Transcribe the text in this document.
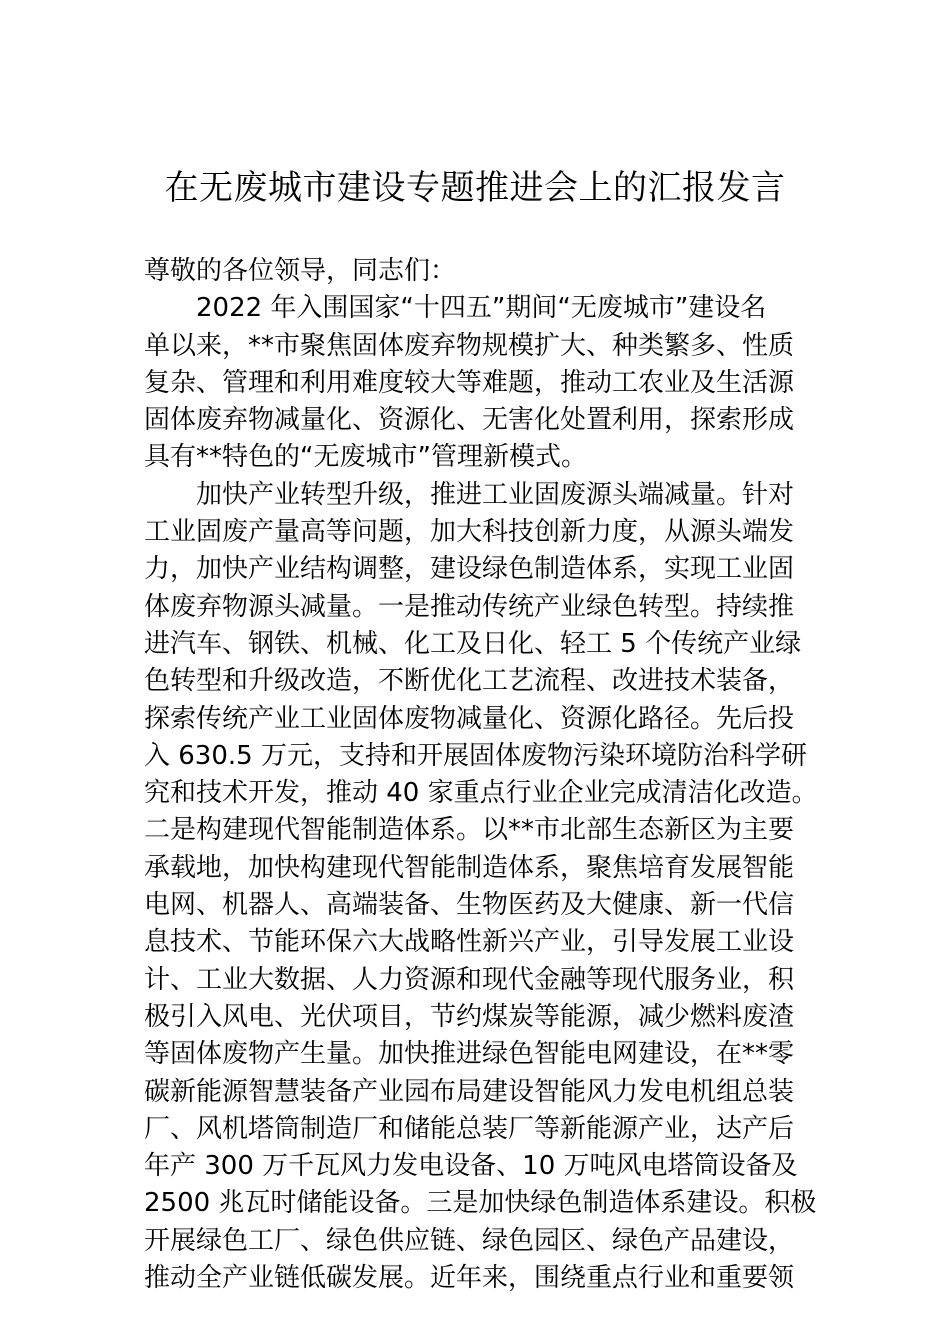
在无废城市建设专题推进会上的汇报发言
尊敬的各位领导，同志们：
2022 年入围国家“十四五”期间“无废城市”建设名
单以来，**市聚焦固体废弃物规模扩大、种类繁多、性质
复杂、管理和利用难度较大等难题，推动工农业及生活源
固体废弃物减量化、资源化、无害化处置利用，探索形成
具有**特色的“无废城市”管理新模式。
加快产业转型升级，推进工业固废源头端减量。针对
工业固废产量高等问题，加大科技创新力度，从源头端发
力，加快产业结构调整，建设绿色制造体系，实现工业固
体废弃物源头减量。一是推动传统产业绿色转型。持续推
进汽车、钢铁、机械、化工及日化、轻工 5 个传统产业绿
色转型和升级改造，不断优化工艺流程、改进技术装备，
探索传统产业工业固体废物减量化、资源化路径。先后投
入 630.5 万元，支持和开展固体废物污染环境防治科学研
究和技术开发，推动 40 家重点行业企业完成清洁化改造。
二是构建现代智能制造体系。以**市北部生态新区为主要
承载地，加快构建现代智能制造体系，聚焦培育发展智能
电网、机器人、高端装备、生物医药及大健康、新一代信
息技术、节能环保六大战略性新兴产业，引导发展工业设
计、工业大数据、人力资源和现代金融等现代服务业，积
极引入风电、光伏项目，节约煤炭等能源，减少燃料废渣
等固体废物产生量。加快推进绿色智能电网建设，在**零
碳新能源智慧装备产业园布局建设智能风力发电机组总装
厂、风机塔筒制造厂和储能总装厂等新能源产业，达产后
年产 300 万千瓦风力发电设备、10 万吨风电塔筒设备及
2500 兆瓦时储能设备。三是加快绿色制造体系建设。积极
开展绿色工厂、绿色供应链、绿色园区、绿色产品建设，
推动全产业链低碳发展。近年来，围绕重点行业和重要领
